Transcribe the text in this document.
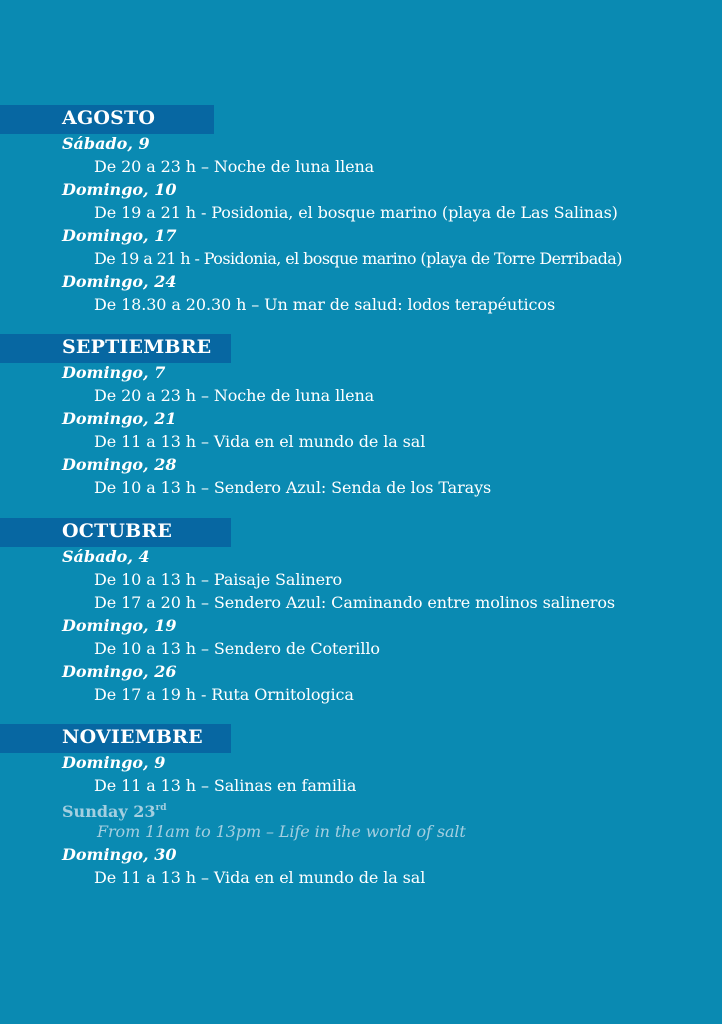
AGOSTO
Sábado, 9
De 20 a 23 h – Noche de luna llena
Domingo, 10
De 19 a 21 h - Posidonia, el bosque marino (playa de Las Salinas)
Domingo, 17
De 19 a 21 h - Posidonia, el bosque marino (playa de Torre Derribada)
Domingo, 24
De 18.30 a 20.30 h – Un mar de salud: lodos terapéuticos
SEPTIEMBRE
Domingo, 7
De 20 a 23 h – Noche de luna llena
Domingo, 21
De 11 a 13 h – Vida en el mundo de la sal
Domingo, 28
De 10 a 13 h – Sendero Azul: Senda de los Tarays
OCTUBRE
Sábado, 4
De 10 a 13 h – Paisaje Salinero
De 17 a 20 h – Sendero Azul: Caminando entre molinos salineros
Domingo, 19
De 10 a 13 h – Sendero de Coterillo
Domingo, 26
De 17 a 19 h - Ruta Ornitologica
NOVIEMBRE
Domingo, 9
De 11 a 13 h – Salinas en familia
Sunday 23rd
From 11am to 13pm – Life in the world of salt
Domingo, 30
De 11 a 13 h – Vida en el mundo de la sal
